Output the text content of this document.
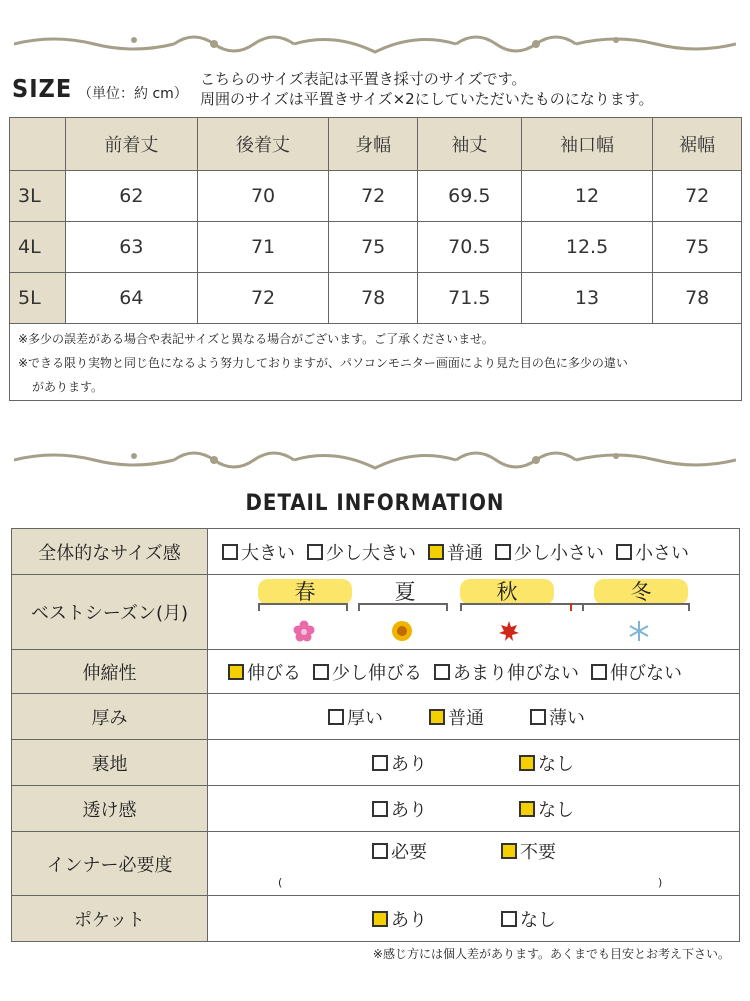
SIZE （単位：約 cm）
こちらのサイズ表記は平置き採寸のサイズです。
周囲のサイズは平置きサイズ×2にしていただいたものになります。
	前着丈	後着丈	身幅	袖丈	袖口幅	裾幅
3L	62	70	72	69.5	12	72
4L	63	71	75	70.5	12.5	75
5L	64	72	78	71.5	13	78

※多少の誤差がある場合や表記サイズと異なる場合がございます。ご了承くださいませ。

※できる限り実物と同じ色になるよう努力しておりますが、パソコンモニター画面により見た目の色に多少の違い

があります。

DETAIL INFORMATION
全体的なサイズ感	大きい 少し大きい 普通 少し小さい 小さい

ベストシーズン(月)	春 夏 秋 冬

伸縮性	伸びる 少し伸びる あまり伸びない 伸びない

厚み	厚い 普通 薄い

裏地	あり なし

透け感	あり なし

インナー必要度	必要 不要
( )

ポケット	あり なし
※感じ方には個人差があります。あくまでも目安とお考え下さい。
